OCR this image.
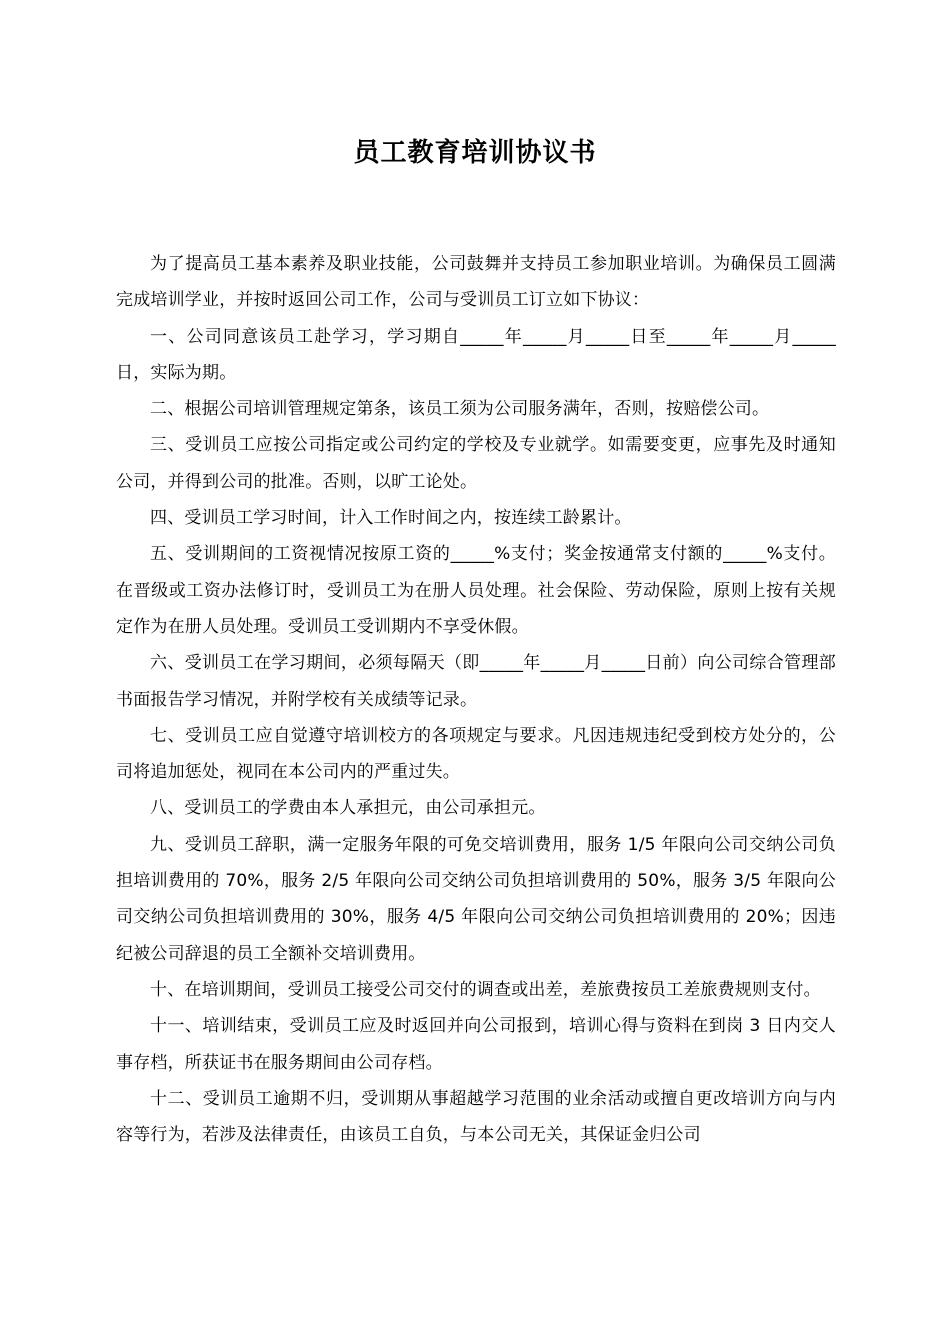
员工教育培训协议书

为了提高员工基本素养及职业技能，公司鼓舞并支持员工参加职业培训。为确保员工圆满完成培训学业，并按时返回公司工作，公司与受训员工订立如下协议：

一、公司同意该员工赴学习，学习期自_____年_____月_____日至_____年_____月_____日，实际为期。

二、根据公司培训管理规定第条，该员工须为公司服务满年，否则，按赔偿公司。

三、受训员工应按公司指定或公司约定的学校及专业就学。如需要变更，应事先及时通知公司，并得到公司的批准。否则，以旷工论处。

四、受训员工学习时间，计入工作时间之内，按连续工龄累计。

五、受训期间的工资视情况按原工资的_____%支付；奖金按通常支付额的_____%支付。在晋级或工资办法修订时，受训员工为在册人员处理。社会保险、劳动保险，原则上按有关规定作为在册人员处理。受训员工受训期内不享受休假。

六、受训员工在学习期间，必须每隔天（即_____年_____月_____日前）向公司综合管理部书面报告学习情况，并附学校有关成绩等记录。

七、受训员工应自觉遵守培训校方的各项规定与要求。凡因违规违纪受到校方处分的，公司将追加惩处，视同在本公司内的严重过失。

八、受训员工的学费由本人承担元，由公司承担元。

九、受训员工辞职，满一定服务年限的可免交培训费用，服务 1/5 年限向公司交纳公司负担培训费用的 70%，服务 2/5 年限向公司交纳公司负担培训费用的 50%，服务 3/5 年限向公司交纳公司负担培训费用的 30%，服务 4/5 年限向公司交纳公司负担培训费用的 20%；因违纪被公司辞退的员工全额补交培训费用。

十、在培训期间，受训员工接受公司交付的调查或出差，差旅费按员工差旅费规则支付。

十一、培训结束，受训员工应及时返回并向公司报到，培训心得与资料在到岗 3 日内交人事存档，所获证书在服务期间由公司存档。

十二、受训员工逾期不归，受训期从事超越学习范围的业余活动或擅自更改培训方向与内容等行为，若涉及法律责任，由该员工自负，与本公司无关，其保证金归公司
